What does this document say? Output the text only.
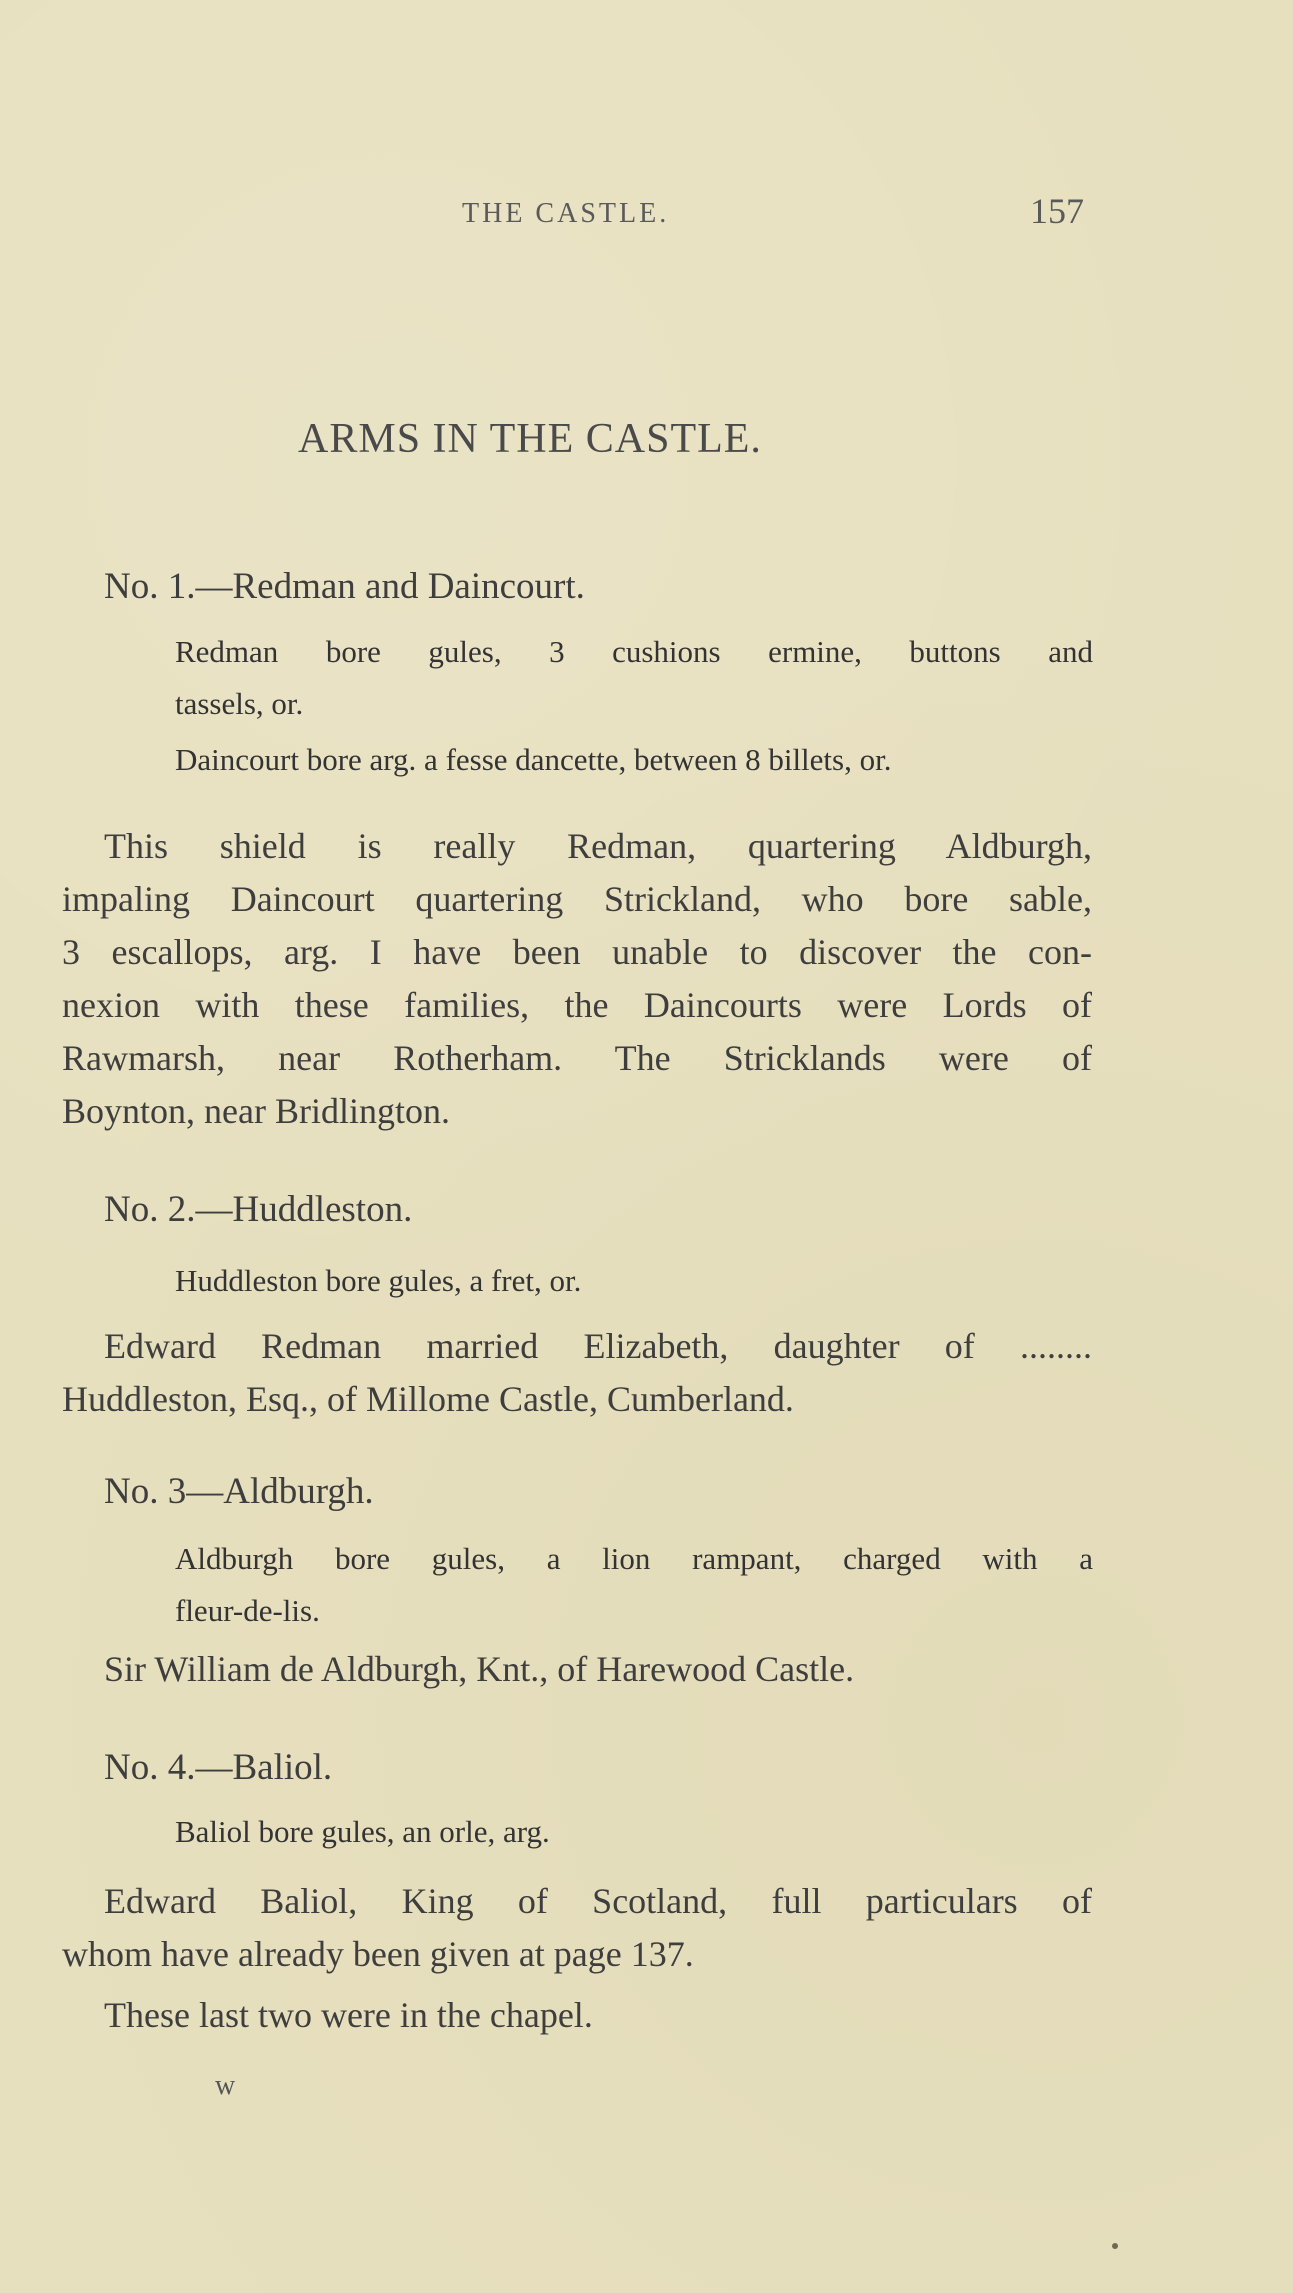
THE CASTLE.	157
ARMS IN THE CASTLE.
No. 1.—Redman and Daincourt.
Redman bore gules, 3 cushions ermine, buttons and
tassels, or.
Daincourt bore arg. a fesse dancette, between 8 billets, or.
This shield is really Redman, quartering Aldburgh,
impaling Daincourt quartering Strickland, who bore sable,
3 escallops, arg. I have been unable to discover the con-
nexion with these families, the Daincourts were Lords of
Rawmarsh, near Rotherham. The Stricklands were of
Boynton, near Bridlington.
No. 2.—Huddleston.
Huddleston bore gules, a fret, or.
Edward Redman married Elizabeth, daughter of ........
Huddleston, Esq., of Millome Castle, Cumberland.
No. 3—Aldburgh.
Aldburgh bore gules, a lion rampant, charged with a
fleur-de-lis.
Sir William de Aldburgh, Knt., of Harewood Castle.
No. 4.—Baliol.
Baliol bore gules, an orle, arg.
Edward Baliol, King of Scotland, full particulars of
whom have already been given at page 137.
These last two were in the chapel.
w
